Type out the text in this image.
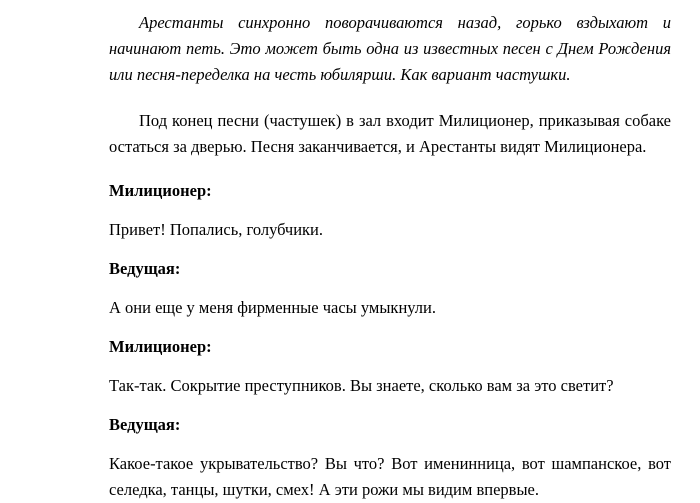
Арестанты синхронно поворачиваются назад, горько вздыхают и начинают петь. Это может быть одна из известных песен с Днем Рождения или песня-переделка на честь юбилярши. Как вариант частушки.

Под конец песни (частушек) в зал входит Милиционер, приказывая собаке остаться за дверью. Песня заканчивается, и Арестанты видят Милиционера.

Милиционер:

Привет! Попались, голубчики.

Ведущая:

А они еще у меня фирменные часы умыкнули.

Милиционер:

Так-так. Сокрытие преступников. Вы знаете, сколько вам за это светит?

Ведущая:

Какое-такое укрывательство? Вы что? Вот именинница, вот шампанское, вот селедка, танцы, шутки, смех! А эти рожи мы видим впервые.
